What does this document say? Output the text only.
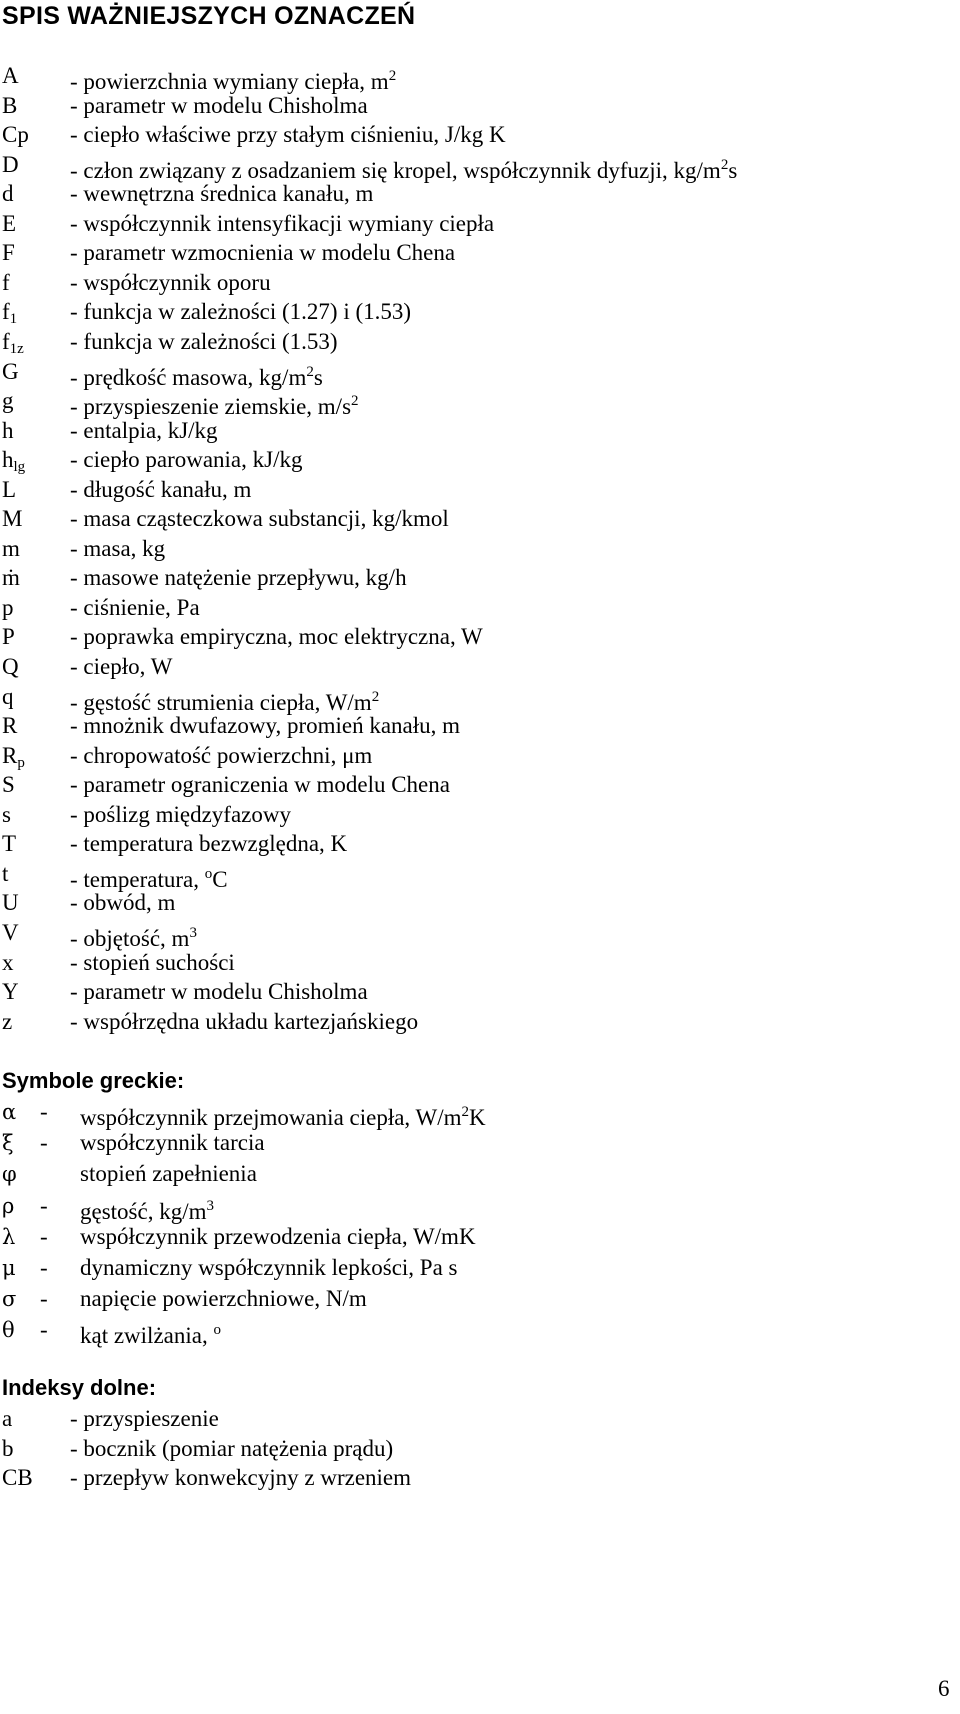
SPIS WAŻNIEJSZYCH OZNACZEŃ
A - powierzchnia wymiany ciepła, $m^2$
B - parametr w modelu Chisholma
Cp - ciepło właściwe przy stałym ciśnieniu, J/kg K
D - człon związany z osadzaniem się kropel, współczynnik dyfuzji, $kg/m^2s$
d - wewnętrzna średnica kanału, m
E - współczynnik intensyfikacji wymiany ciepła
F - parametr wzmocnienia w modelu Chena
f	- współczynnik oporu
$f_1$ - funkcja w zależności (1.27) i (1.53)
$f_{1z}$ - funkcja w zależności (1.53)
G - prędkość masowa, $kg/m^2s$
g - przyspieszenie ziemskie, $m/s^2$
h - entalpia, kJ/kg
$h_{lg}$ - ciepło parowania, kJ/kg
L - długość kanału, m
M - masa cząsteczkowa substancji, kg/kmol
m - masa, kg
ṁ - masowe natężenie przepływu, kg/h
p - ciśnienie, Pa
P - poprawka empiryczna, moc elektryczna, W
Q - ciepło, W
q - gęstość strumienia ciepła, $W/m^2$
R - mnożnik dwufazowy, promień kanału, m
$R_p$ - chropowatość powierzchni, μm
S - parametr ograniczenia w modelu Chena
s	- poślizg międzyfazowy
T - temperatura bezwzględna, K
t	- temperatura, $^o$C
U - obwód, m
V - objętość, $m^3$
x - stopień suchości
Y - parametr w modelu Chisholma
z	- współrzędna układu kartezjańskiego
Symbole greckie:
α - współczynnik przejmowania ciepła, $W/m^2K$
ξ - współczynnik tarcia
φ	stopień zapełnienia
ρ - gęstość, $kg/m^3$
λ - współczynnik przewodzenia ciepła, W/mK
μ - dynamiczny współczynnik lepkości, Pa s
σ - napięcie powierzchniowe, N/m
θ - kąt zwilżania, $^o$
Indeksy dolne:
a	- przyspieszenie
b - bocznik (pomiar natężenia prądu)
CB - przepływ konwekcyjny z wrzeniem
6
